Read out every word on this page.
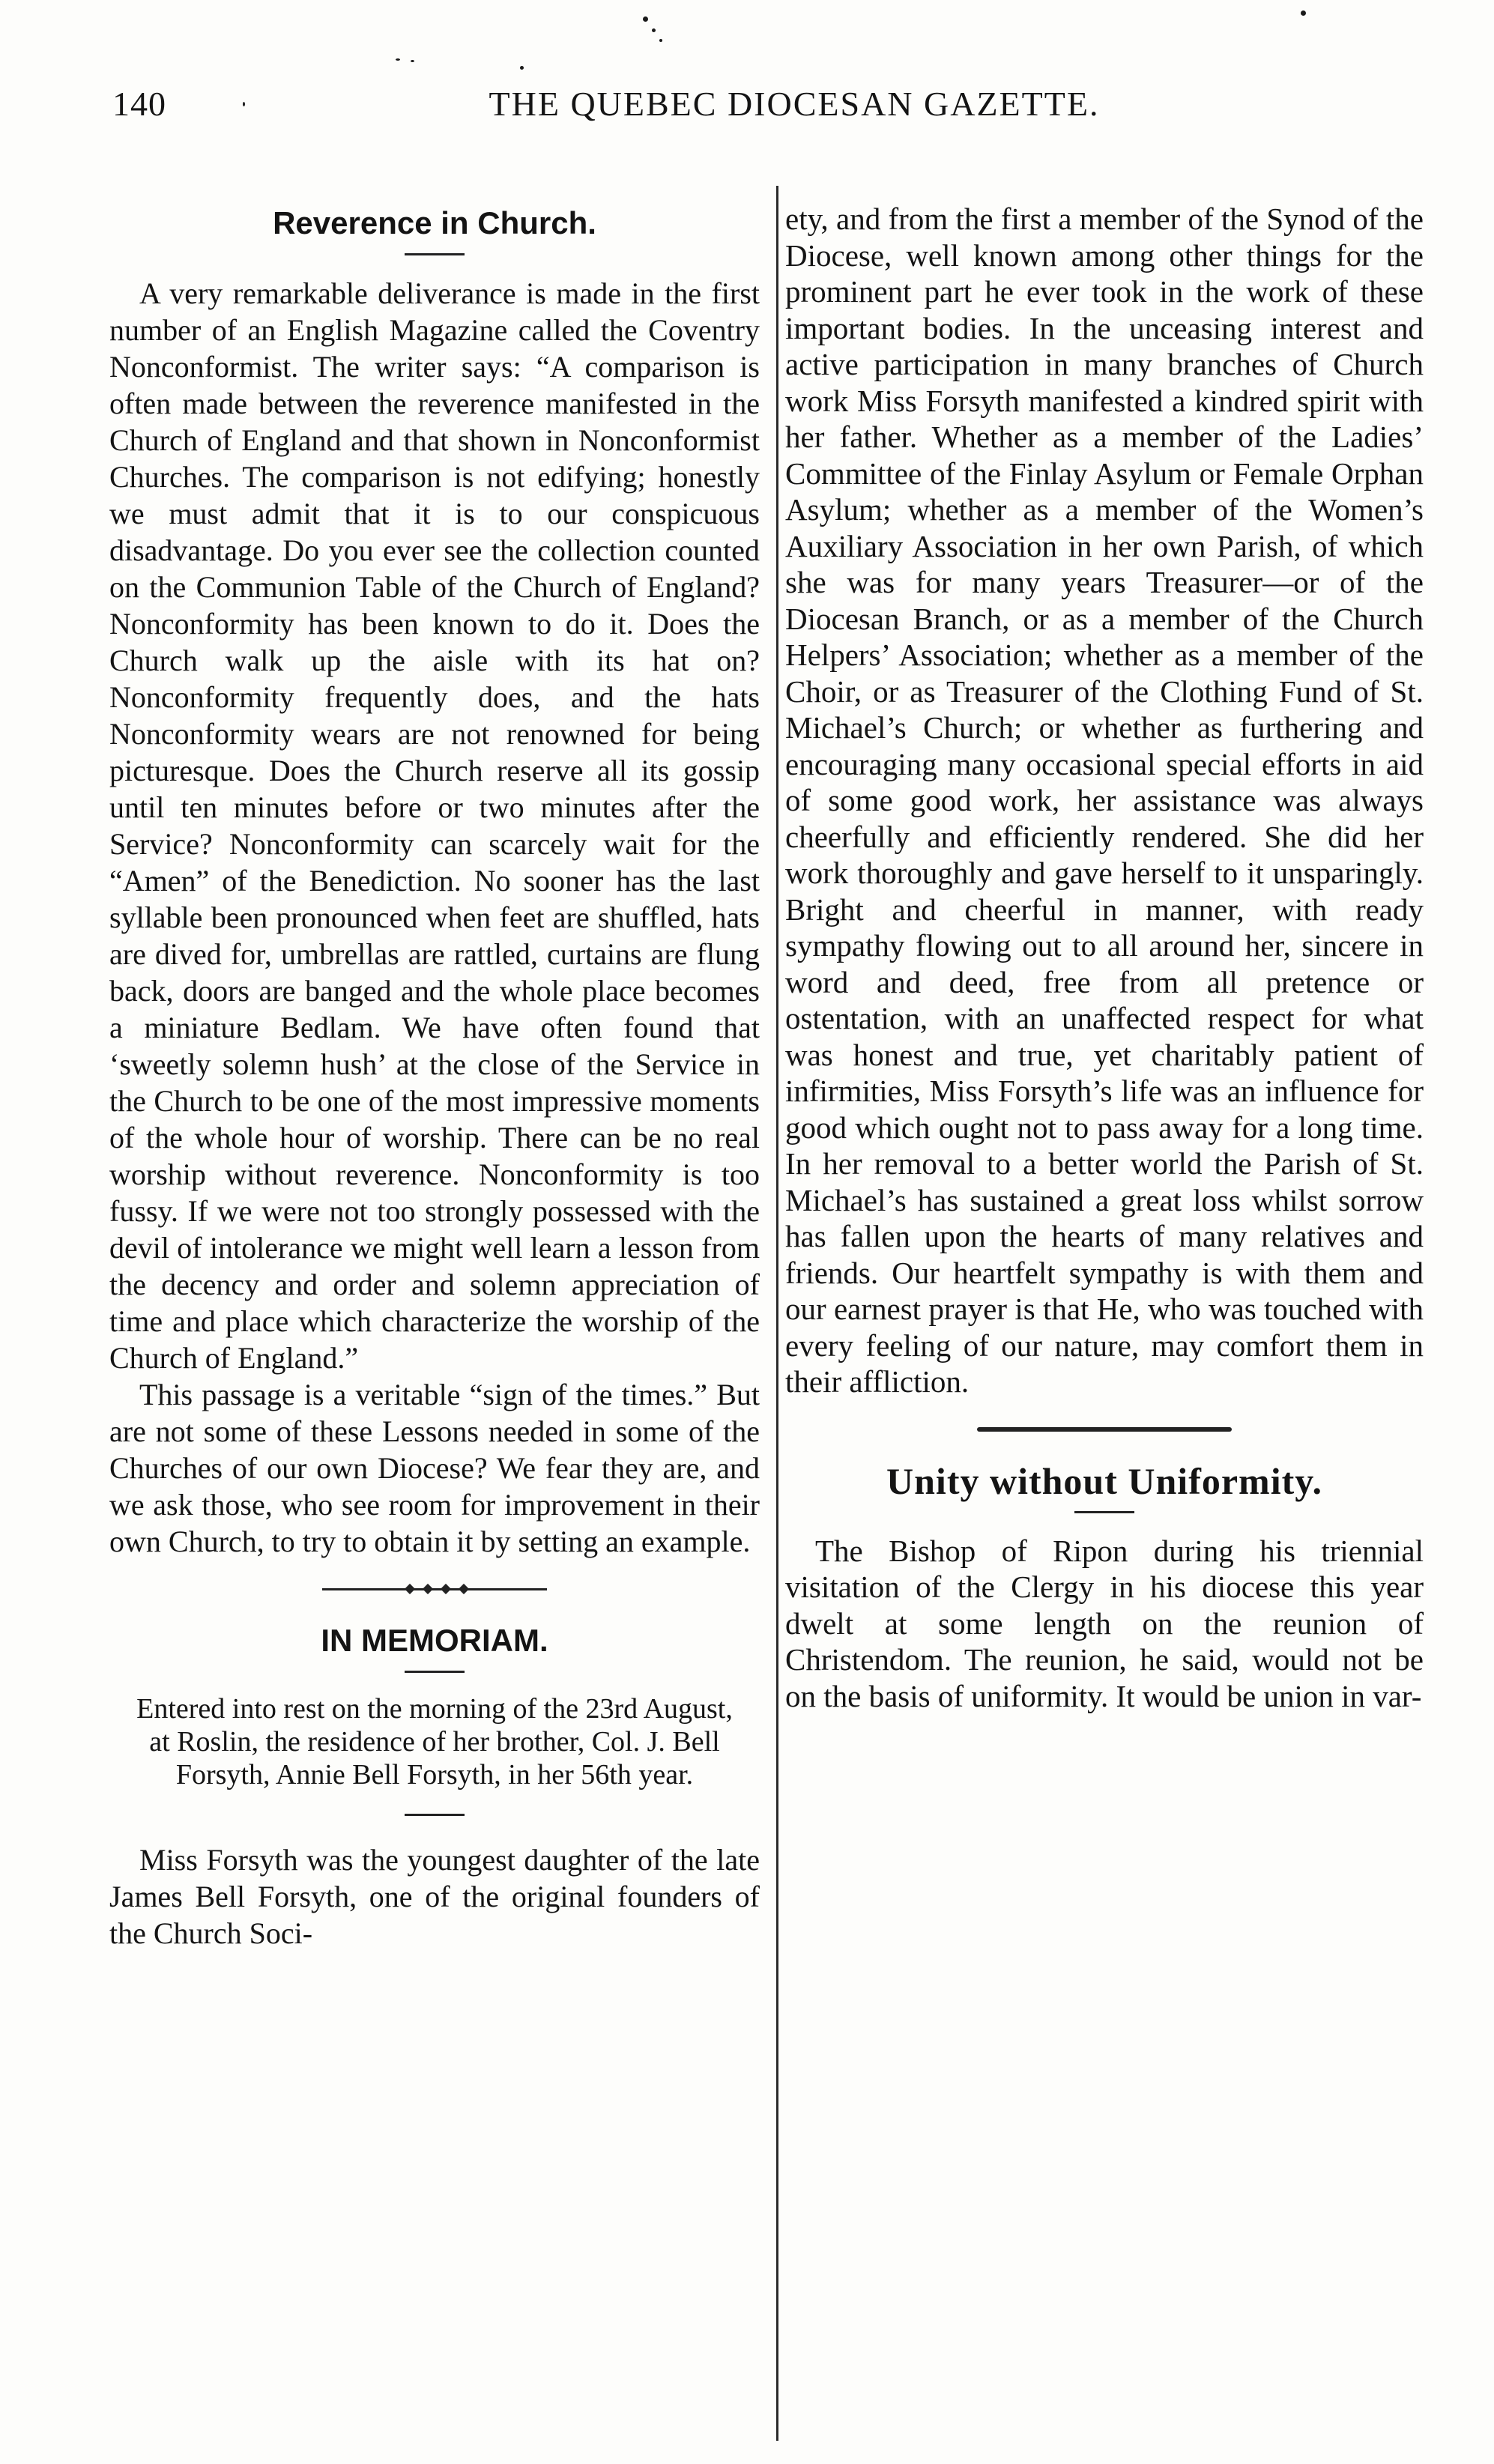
140	THE QUEBEC DIOCESAN GAZETTE.
Reverence in Church.

A very remarkable deliverance is made in the first number of an English Magazine called the Coventry Nonconformist. The writer says: “A comparison is often made between the reverence manifested in the Church of England and that shown in Nonconformist Churches. The comparison is not edifying; honestly we must admit that it is to our conspicuous disadvantage. Do you ever see the collection counted on the Communion Table of the Church of England? Nonconformity has been known to do it. Does the Church walk up the aisle with its hat on? Nonconformity frequently does, and the hats Nonconformity wears are not renowned for being picturesque. Does the Church reserve all its gossip until ten minutes before or two minutes after the Service? Nonconformity can scarcely wait for the “Amen” of the Benediction. No sooner has the last syllable been pronounced when feet are shuffled, hats are dived for, umbrellas are rattled, curtains are flung back, doors are banged and the whole place becomes a miniature Bedlam. We have often found that ‘sweetly solemn hush’ at the close of the Service in the Church to be one of the most impressive moments of the whole hour of worship. There can be no real worship without reverence. Nonconformity is too fussy. If we were not too strongly possessed with the devil of intolerance we might well learn a lesson from the decency and order and solemn appreciation of time and place which characterize the worship of the Church of England.”

This passage is a veritable “sign of the times.” But are not some of these Lessons needed in some of the Churches of our own Diocese? We fear they are, and we ask those, who see room for improvement in their own Church, to try to obtain it by setting an example.

IN MEMORIAM.
Entered into rest on the morning of the 23rd August, at Roslin, the residence of her brother, Col. J. Bell Forsyth, Annie Bell Forsyth, in her 56th year.

Miss Forsyth was the youngest daughter of the late James Bell Forsyth, one of the original founders of the Church Soci-

ety, and from the first a member of the Synod of the Diocese, well known among other things for the prominent part he ever took in the work of these important bodies. In the unceasing interest and active participation in many branches of Church work Miss Forsyth manifested a kindred spirit with her father. Whether as a member of the Ladies’ Committee of the Finlay Asylum or Female Orphan Asylum; whether as a member of the Women’s Auxiliary Association in her own Parish, of which she was for many years Treasurer—or of the Diocesan Branch, or as a member of the Church Helpers’ Association; whether as a member of the Choir, or as Treasurer of the Clothing Fund of St. Michael’s Church; or whether as furthering and encouraging many occasional special efforts in aid of some good work, her assistance was always cheerfully and efficiently rendered. She did her work thoroughly and gave herself to it unsparingly. Bright and cheerful in manner, with ready sympathy flowing out to all around her, sincere in word and deed, free from all pretence or ostentation, with an unaffected respect for what was honest and true, yet charitably patient of infirmities, Miss Forsyth’s life was an influence for good which ought not to pass away for a long time. In her removal to a better world the Parish of St. Michael’s has sustained a great loss whilst sorrow has fallen upon the hearts of many relatives and friends. Our heartfelt sympathy is with them and our earnest prayer is that He, who was touched with every feeling of our nature, may comfort them in their affliction.

Unity without Uniformity.

The Bishop of Ripon during his triennial visitation of the Clergy in his diocese this year dwelt at some length on the reunion of Christendom. The reunion, he said, would not be on the basis of uniformity. It would be union in var-
